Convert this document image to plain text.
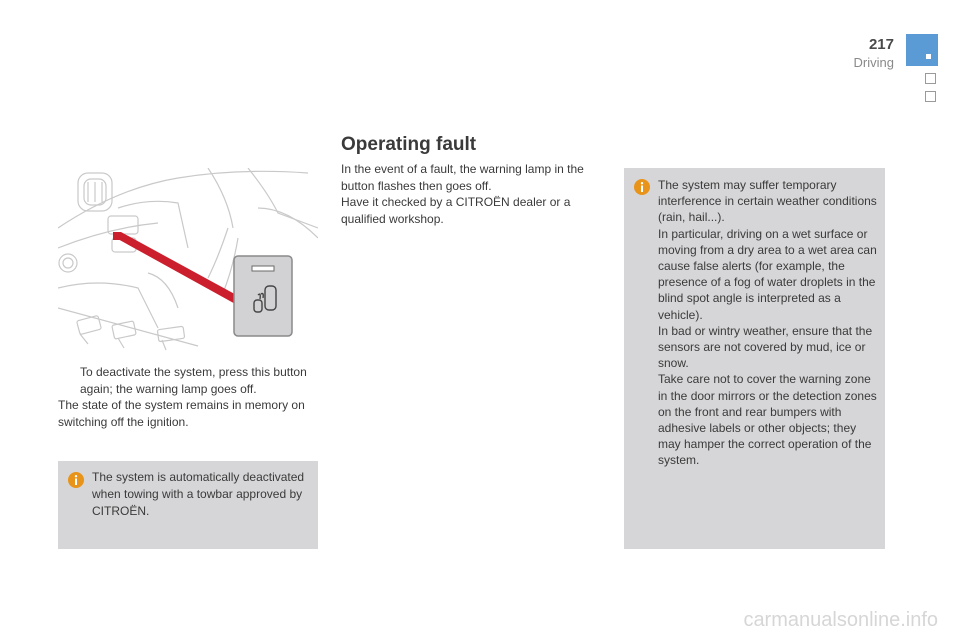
217
Driving
To deactivate the system, press this button again; the warning lamp goes off.

The state of the system remains in memory on switching off the ignition.

The system is automatically deactivated when towing with a towbar approved by CITROËN.
Operating fault

In the event of a fault, the warning lamp in the button flashes then goes off.

Have it checked by a CITROËN dealer or a qualified workshop.

The system may suffer temporary interference in certain weather conditions (rain, hail...).

In particular, driving on a wet surface or moving from a dry area to a wet area can cause false alerts (for example, the presence of a fog of water droplets in the blind spot angle is interpreted as a vehicle).

In bad or wintry weather, ensure that the sensors are not covered by mud, ice or snow.

Take care not to cover the warning zone in the door mirrors or the detection zones on the front and rear bumpers with adhesive labels or other objects; they may hamper the correct operation of the system.

carmanualsonline.info
